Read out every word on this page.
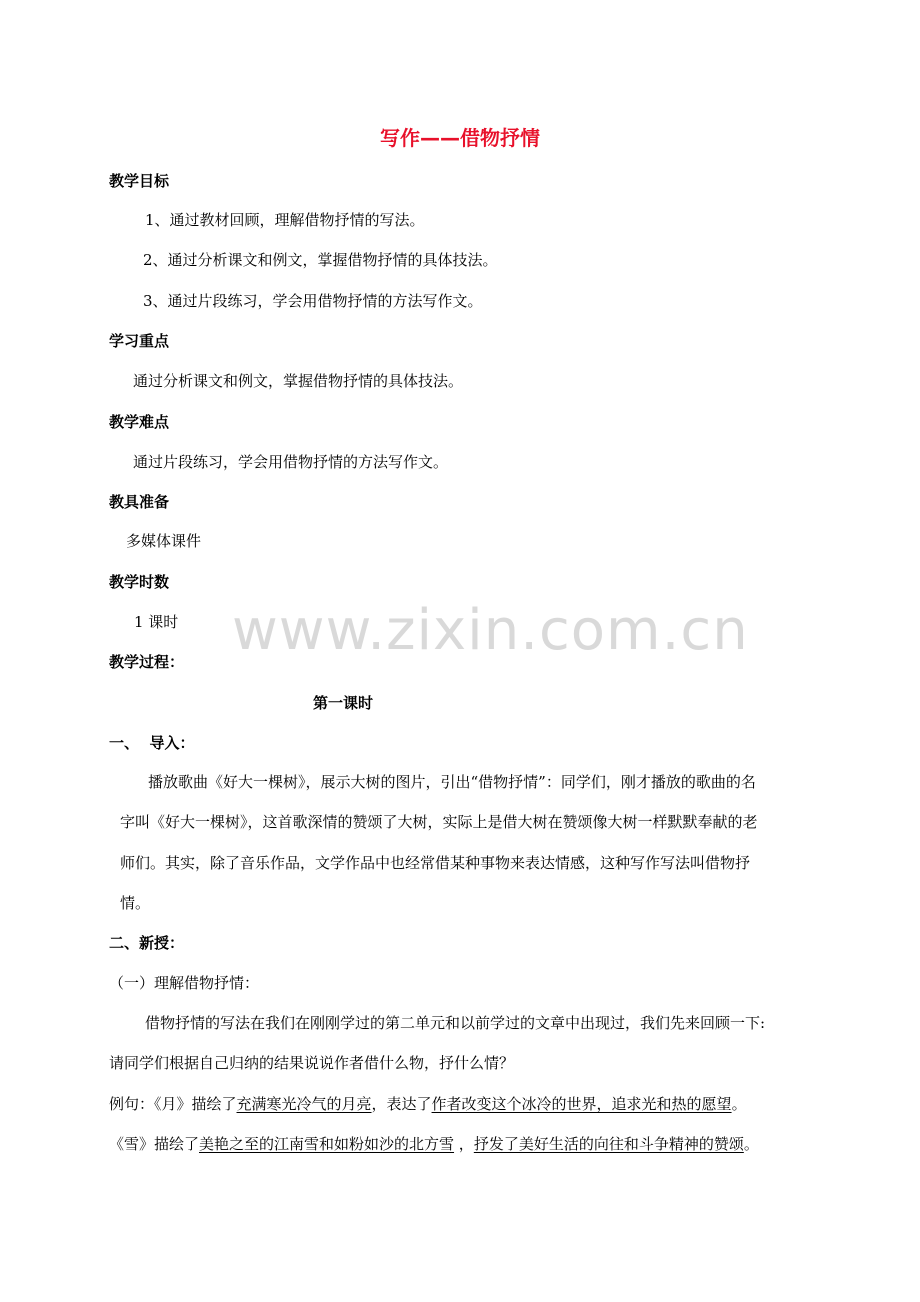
www.zixin.com.cn
写作——借物抒情
教学目标
1、通过教材回顾，理解借物抒情的写法。
2、通过分析课文和例文，掌握借物抒情的具体技法。
3、通过片段练习，学会用借物抒情的方法写作文。
学习重点
通过分析课文和例文，掌握借物抒情的具体技法。
教学难点
通过片段练习，学会用借物抒情的方法写作文。
教具准备
多媒体课件
教学时数
1 课时
教学过程：
第一课时
一、  导入：
播放歌曲《好大一棵树》，展示大树的图片，引出“借物抒情”：同学们，刚才播放的歌曲的名
字叫《好大一棵树》，这首歌深情的赞颂了大树，实际上是借大树在赞颂像大树一样默默奉献的老
师们。其实，除了音乐作品，文学作品中也经常借某种事物来表达情感，这种写作写法叫借物抒
情。
二、新授：
（一）理解借物抒情：
借物抒情的写法在我们在刚刚学过的第二单元和以前学过的文章中出现过，我们先来回顾一下:
请同学们根据自己归纳的结果说说作者借什么物，抒什么情？
例句：《月》描绘了充满寒光冷气的月亮，表达了作者改变这个冰冷的世界，追求光和热的愿望。
《雪》描绘了美艳之至的江南雪和如粉如沙的北方雪 ，抒发了美好生活的向往和斗争精神的赞颂。
